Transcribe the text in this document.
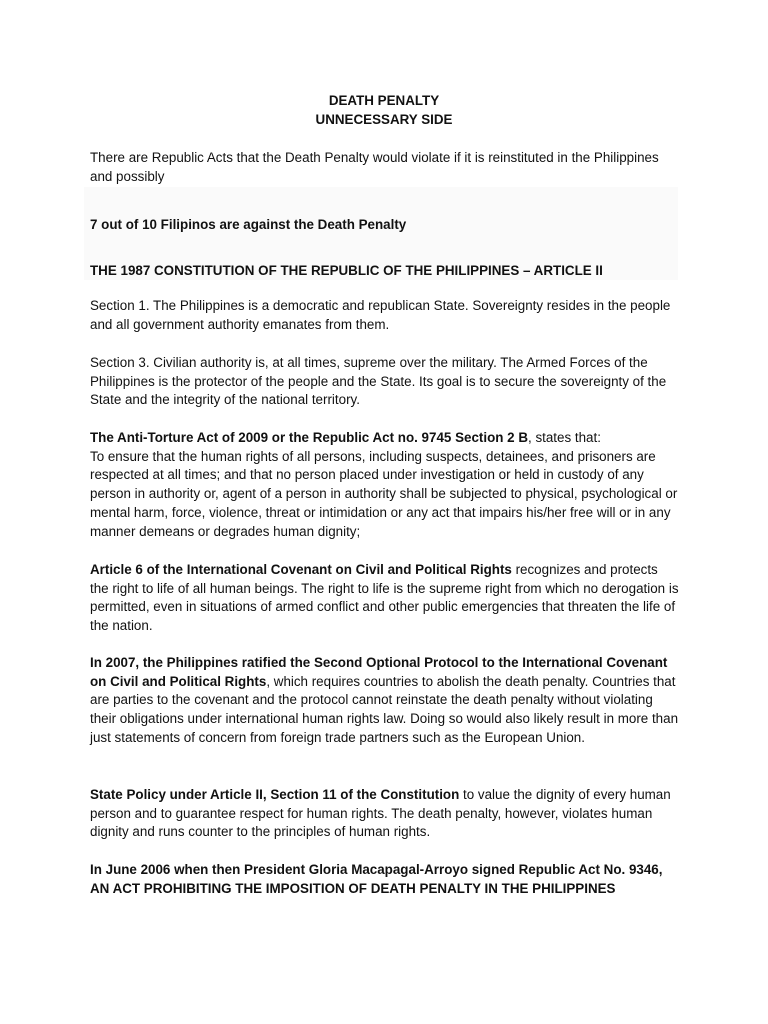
DEATH PENALTY

UNNECESSARY SIDE

There are Republic Acts that the Death Penalty would violate if it is reinstituted in the Philippines and possibly

7 out of 10 Filipinos are against the Death Penalty

THE 1987 CONSTITUTION OF THE REPUBLIC OF THE PHILIPPINES – ARTICLE II

Section 1. The Philippines is a democratic and republican State. Sovereignty resides in the people and all government authority emanates from them.

Section 3. Civilian authority is, at all times, supreme over the military. The Armed Forces of the Philippines is the protector of the people and the State. Its goal is to secure the sovereignty of the State and the integrity of the national territory.

The Anti-Torture Act of 2009 or the Republic Act no. 9745 Section 2 B, states that:
To ensure that the human rights of all persons, including suspects, detainees, and prisoners are respected at all times; and that no person placed under investigation or held in custody of any person in authority or, agent of a person in authority shall be subjected to physical, psychological or mental harm, force, violence, threat or intimidation or any act that impairs his/her free will or in any manner demeans or degrades human dignity;

Article 6 of the International Covenant on Civil and Political Rights recognizes and protects the right to life of all human beings. The right to life is the supreme right from which no derogation is permitted, even in situations of armed conflict and other public emergencies that threaten the life of the nation.

In 2007, the Philippines ratified the Second Optional Protocol to the International Covenant on Civil and Political Rights, which requires countries to abolish the death penalty. Countries that are parties to the covenant and the protocol cannot reinstate the death penalty without violating their obligations under international human rights law. Doing so would also likely result in more than just statements of concern from foreign trade partners such as the European Union.

State Policy under Article II, Section 11 of the Constitution to value the dignity of every human person and to guarantee respect for human rights. The death penalty, however, violates human dignity and runs counter to the principles of human rights.

In June 2006 when then President Gloria Macapagal-Arroyo signed Republic Act No. 9346, AN ACT PROHIBITING THE IMPOSITION OF DEATH PENALTY IN THE PHILIPPINES
